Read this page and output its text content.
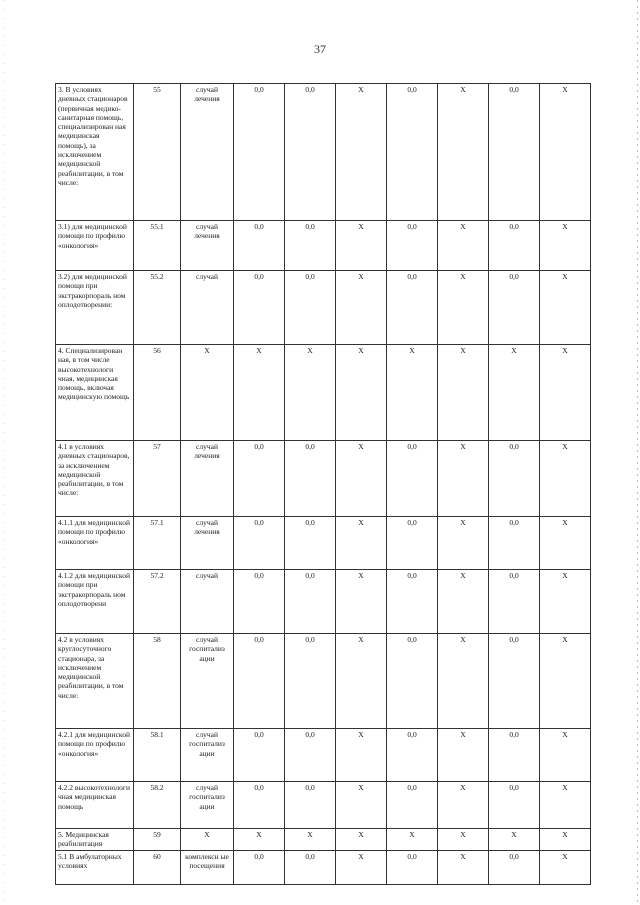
37
3. В условиях дневных стационаров (первичная медико-санитарная помощь, специализирован ная медицинская помощь), за исключением медицинской реабилитации, в том числе:	55	случай лечения	0,0	0,0	X	0,0	X	0,0	X
3.1) для медицинской помощи по профилю «онкология»	55.1	случай лечения	0,0	0,0	X	0,0	X	0,0	X
3.2) для медицинской помощи при экстракорпораль ном оплодотворении:	55.2	случай	0,0	0,0	X	0,0	X	0,0	X
4. Специализирован ная, в том числе высокотехнологи чная, медицинская помощь, включая медицинскую помощь	56	X	X	X	X	X	X	X	X
4.1 в условиях дневных стационаров, за исключением медицинской реабилитации, в том числе:	57	случай лечения	0,0	0,0	X	0,0	X	0,0	X
4.1.1 для медицинской помощи по профилю «онкология»	57.1	случай лечения	0,0	0,0	X	0,0	X	0,0	X
4.1.2 для медицинской помощи при экстракорпораль ном оплодотворени	57.2	случай	0,0	0,0	X	0,0	X	0,0	X
4.2 в условиях круглосуточного стационара, за исключением медицинской реабилитации, в том числе:	58	случай госпитализ ации	0,0	0,0	X	0,0	X	0,0	X
4.2.1 для медицинской помощи по профилю «онкология»	58.1	случай госпитализ ации	0,0	0,0	X	0,0	X	0,0	X
4.2.2 высокотехнологи чная медицинская помощь	58.2	случай госпитализ ации	0,0	0,0	X	0,0	X	0,0	X
5. Медицинская реабилитация	59	X	X	X	X	X	X	X	X
5.1 В амбулаторных условиях	60	комплексн ые посещения	0,0	0,0	X	0,0	X	0,0	X
